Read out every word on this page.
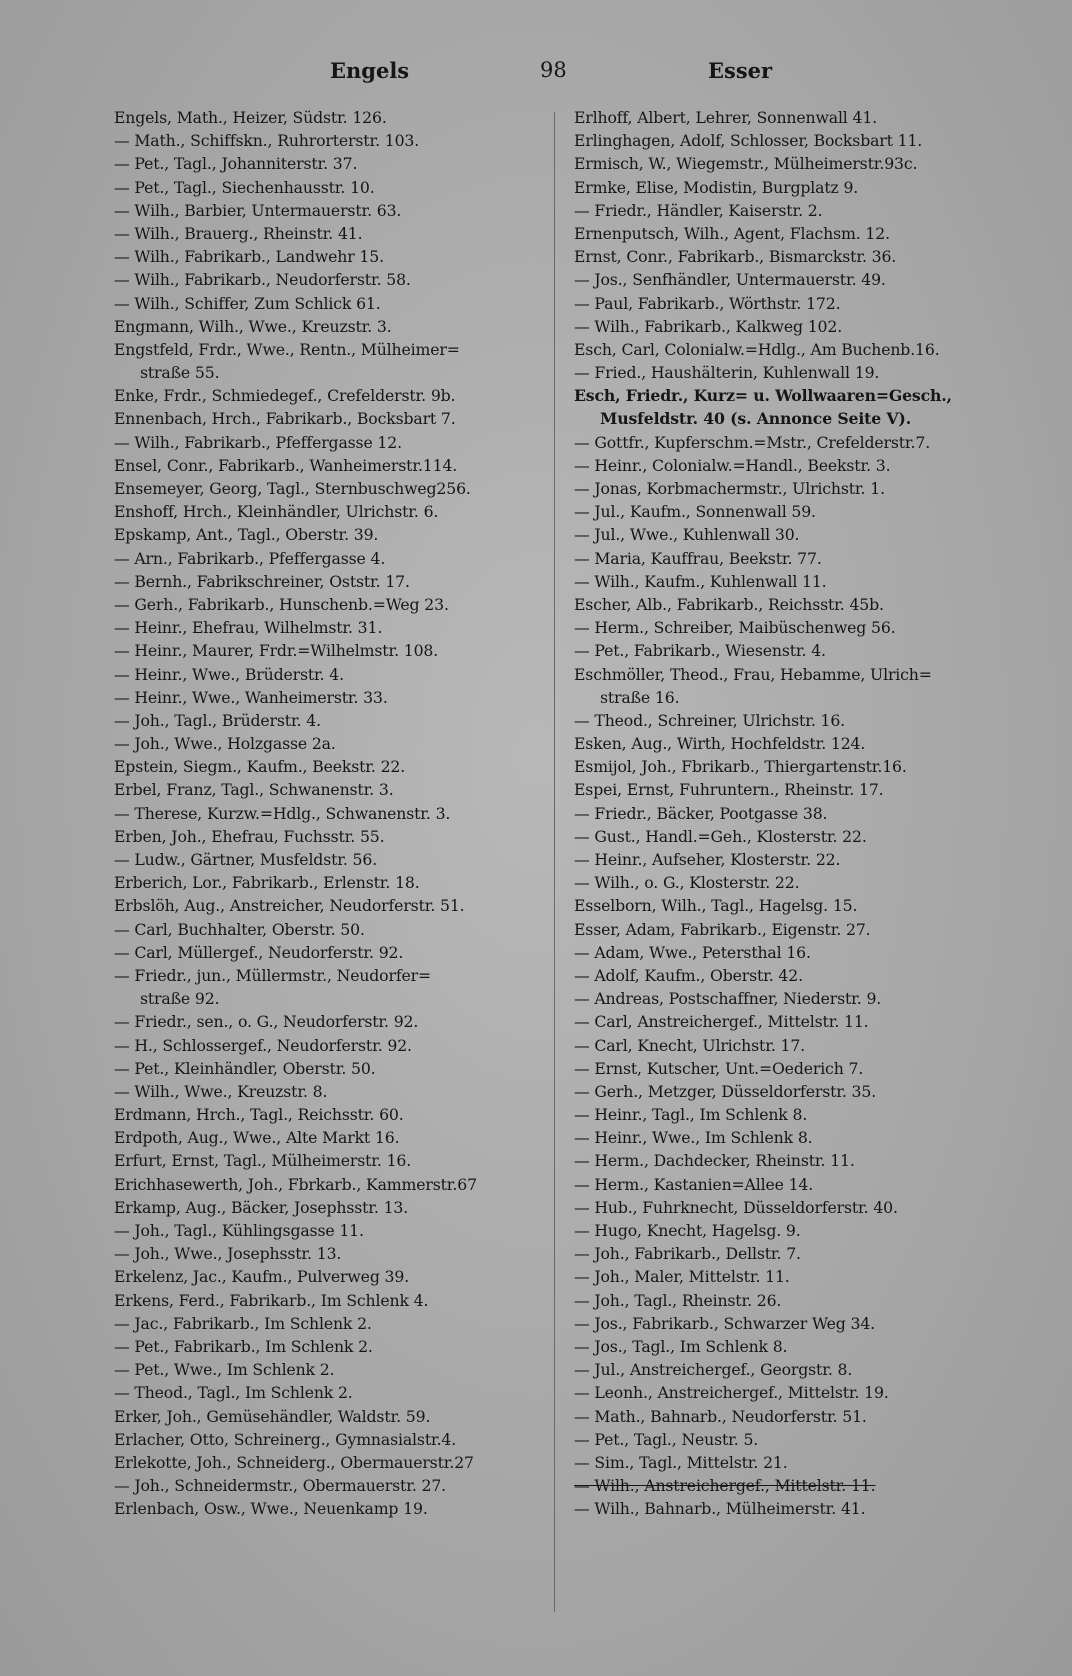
Engels	98	Esser
Engels, Math., Heizer, Südstr. 126.
— Math., Schiffskn., Ruhrorterstr. 103.
— Pet., Tagl., Johanniterstr. 37.
— Pet., Tagl., Siechenhausstr. 10.
— Wilh., Barbier, Untermauerstr. 63.
— Wilh., Brauerg., Rheinstr. 41.
— Wilh., Fabrikarb., Landwehr 15.
— Wilh., Fabrikarb., Neudorferstr. 58.
— Wilh., Schiffer, Zum Schlick 61.
Engmann, Wilh., Wwe., Kreuzstr. 3.
Engstfeld, Frdr., Wwe., Rentn., Mülheimer=
straße 55.
Enke, Frdr., Schmiedegef., Crefelderstr. 9b.
Ennenbach, Hrch., Fabrikarb., Bocksbart 7.
— Wilh., Fabrikarb., Pfeffergasse 12.
Ensel, Conr., Fabrikarb., Wanheimerstr.114.
Ensemeyer, Georg, Tagl., Sternbuschweg256.
Enshoff, Hrch., Kleinhändler, Ulrichstr. 6.
Epskamp, Ant., Tagl., Oberstr. 39.
— Arn., Fabrikarb., Pfeffergasse 4.
— Bernh., Fabrikschreiner, Oststr. 17.
— Gerh., Fabrikarb., Hunschenb.=Weg 23.
— Heinr., Ehefrau, Wilhelmstr. 31.
— Heinr., Maurer, Frdr.=Wilhelmstr. 108.
— Heinr., Wwe., Brüderstr. 4.
— Heinr., Wwe., Wanheimerstr. 33.
— Joh., Tagl., Brüderstr. 4.
— Joh., Wwe., Holzgasse 2a.
Epstein, Siegm., Kaufm., Beekstr. 22.
Erbel, Franz, Tagl., Schwanenstr. 3.
— Therese, Kurzw.=Hdlg., Schwanenstr. 3.
Erben, Joh., Ehefrau, Fuchsstr. 55.
— Ludw., Gärtner, Musfeldstr. 56.
Erberich, Lor., Fabrikarb., Erlenstr. 18.
Erbslöh, Aug., Anstreicher, Neudorferstr. 51.
— Carl, Buchhalter, Oberstr. 50.
— Carl, Müllergef., Neudorferstr. 92.
— Friedr., jun., Müllermstr., Neudorfer=
straße 92.
— Friedr., sen., o. G., Neudorferstr. 92.
— H., Schlossergef., Neudorferstr. 92.
— Pet., Kleinhändler, Oberstr. 50.
— Wilh., Wwe., Kreuzstr. 8.
Erdmann, Hrch., Tagl., Reichsstr. 60.
Erdpoth, Aug., Wwe., Alte Markt 16.
Erfurt, Ernst, Tagl., Mülheimerstr. 16.
Erichhasewerth, Joh., Fbrkarb., Kammerstr.67
Erkamp, Aug., Bäcker, Josephsstr. 13.
— Joh., Tagl., Kühlingsgasse 11.
— Joh., Wwe., Josephsstr. 13.
Erkelenz, Jac., Kaufm., Pulverweg 39.
Erkens, Ferd., Fabrikarb., Im Schlenk 4.
— Jac., Fabrikarb., Im Schlenk 2.
— Pet., Fabrikarb., Im Schlenk 2.
— Pet., Wwe., Im Schlenk 2.
— Theod., Tagl., Im Schlenk 2.
Erker, Joh., Gemüsehändler, Waldstr. 59.
Erlacher, Otto, Schreinerg., Gymnasialstr.4.
Erlekotte, Joh., Schneiderg., Obermauerstr.27
— Joh., Schneidermstr., Obermauerstr. 27.
Erlenbach, Osw., Wwe., Neuenkamp 19.
Erlhoff, Albert, Lehrer, Sonnenwall 41.
Erlinghagen, Adolf, Schlosser, Bocksbart 11.
Ermisch, W., Wiegemstr., Mülheimerstr.93c.
Ermke, Elise, Modistin, Burgplatz 9.
— Friedr., Händler, Kaiserstr. 2.
Ernenputsch, Wilh., Agent, Flachsm. 12.
Ernst, Conr., Fabrikarb., Bismarckstr. 36.
— Jos., Senfhändler, Untermauerstr. 49.
— Paul, Fabrikarb., Wörthstr. 172.
— Wilh., Fabrikarb., Kalkweg 102.
Esch, Carl, Colonialw.=Hdlg., Am Buchenb.16.
— Fried., Haushälterin, Kuhlenwall 19.
Esch, Friedr., Kurz= u. Wollwaaren=Gesch.,
Musfeldstr. 40 (s. Annonce Seite V).
— Gottfr., Kupferschm.=Mstr., Crefelderstr.7.
— Heinr., Colonialw.=Handl., Beekstr. 3.
— Jonas, Korbmachermstr., Ulrichstr. 1.
— Jul., Kaufm., Sonnenwall 59.
— Jul., Wwe., Kuhlenwall 30.
— Maria, Kauffrau, Beekstr. 77.
— Wilh., Kaufm., Kuhlenwall 11.
Escher, Alb., Fabrikarb., Reichsstr. 45b.
— Herm., Schreiber, Maibüschenweg 56.
— Pet., Fabrikarb., Wiesenstr. 4.
Eschmöller, Theod., Frau, Hebamme, Ulrich=
straße 16.
— Theod., Schreiner, Ulrichstr. 16.
Esken, Aug., Wirth, Hochfeldstr. 124.
Esmijol, Joh., Fbrikarb., Thiergartenstr.16.
Espei, Ernst, Fuhruntern., Rheinstr. 17.
— Friedr., Bäcker, Pootgasse 38.
— Gust., Handl.=Geh., Klosterstr. 22.
— Heinr., Aufseher, Klosterstr. 22.
— Wilh., o. G., Klosterstr. 22.
Esselborn, Wilh., Tagl., Hagelsg. 15.
Esser, Adam, Fabrikarb., Eigenstr. 27.
— Adam, Wwe., Petersthal 16.
— Adolf, Kaufm., Oberstr. 42.
— Andreas, Postschaffner, Niederstr. 9.
— Carl, Anstreichergef., Mittelstr. 11.
— Carl, Knecht, Ulrichstr. 17.
— Ernst, Kutscher, Unt.=Oederich 7.
— Gerh., Metzger, Düsseldorferstr. 35.
— Heinr., Tagl., Im Schlenk 8.
— Heinr., Wwe., Im Schlenk 8.
— Herm., Dachdecker, Rheinstr. 11.
— Herm., Kastanien=Allee 14.
— Hub., Fuhrknecht, Düsseldorferstr. 40.
— Hugo, Knecht, Hagelsg. 9.
— Joh., Fabrikarb., Dellstr. 7.
— Joh., Maler, Mittelstr. 11.
— Joh., Tagl., Rheinstr. 26.
— Jos., Fabrikarb., Schwarzer Weg 34.
— Jos., Tagl., Im Schlenk 8.
— Jul., Anstreichergef., Georgstr. 8.
— Leonh., Anstreichergef., Mittelstr. 19.
— Math., Bahnarb., Neudorferstr. 51.
— Pet., Tagl., Neustr. 5.
— Sim., Tagl., Mittelstr. 21.
— Wilh., Anstreichergef., Mittelstr. 11.
— Wilh., Bahnarb., Mülheimerstr. 41.
